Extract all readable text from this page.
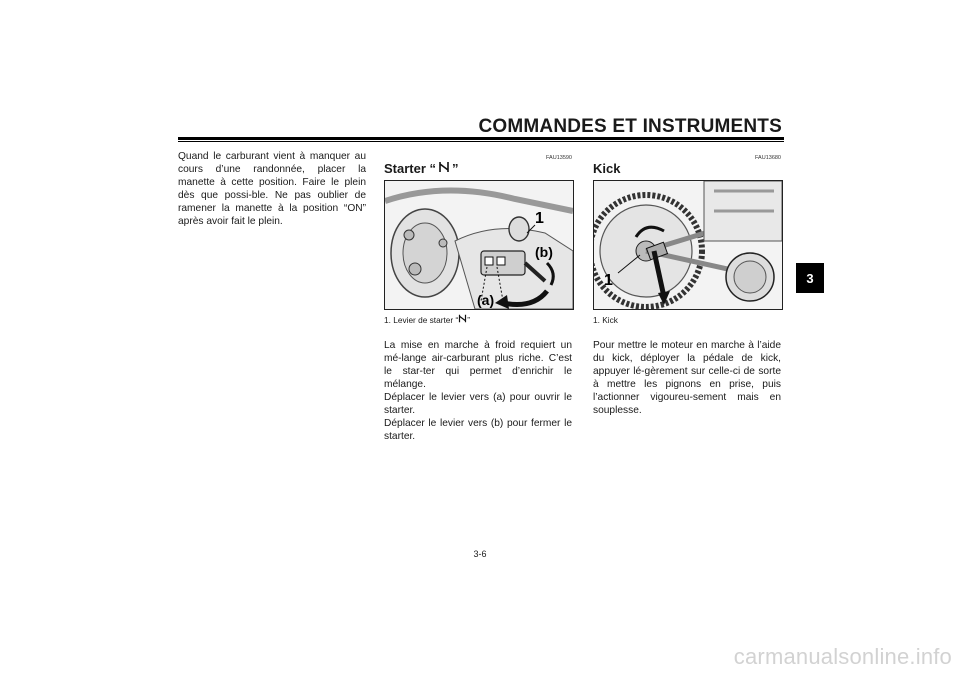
COMMANDES ET INSTRUMENTS
3

Quand le carburant vient à manquer au cours d’une randonnée, placer la manette à cette position. Faire le plein dès que possi-ble. Ne pas oublier de ramener la manette à la position “ON” après avoir fait le plein.

FAU13590
Starter “ ”
1
(b)
(a)
1. Levier de starter “ ”

La mise en marche à froid requiert un mé-lange air-carburant plus riche. C’est le star-ter qui permet d’enrichir le mélange.

Déplacer le levier vers (a) pour ouvrir le starter.

Déplacer le levier vers (b) pour fermer le starter.

FAU13680
Kick
1
1. Kick

Pour mettre le moteur en marche à l’aide du kick, déployer la pédale de kick, appuyer lé-gèrement sur celle-ci de sorte à mettre les pignons en prise, puis l’actionner vigoureu-sement mais en souplesse.

3-6
carmanualsonline.info
